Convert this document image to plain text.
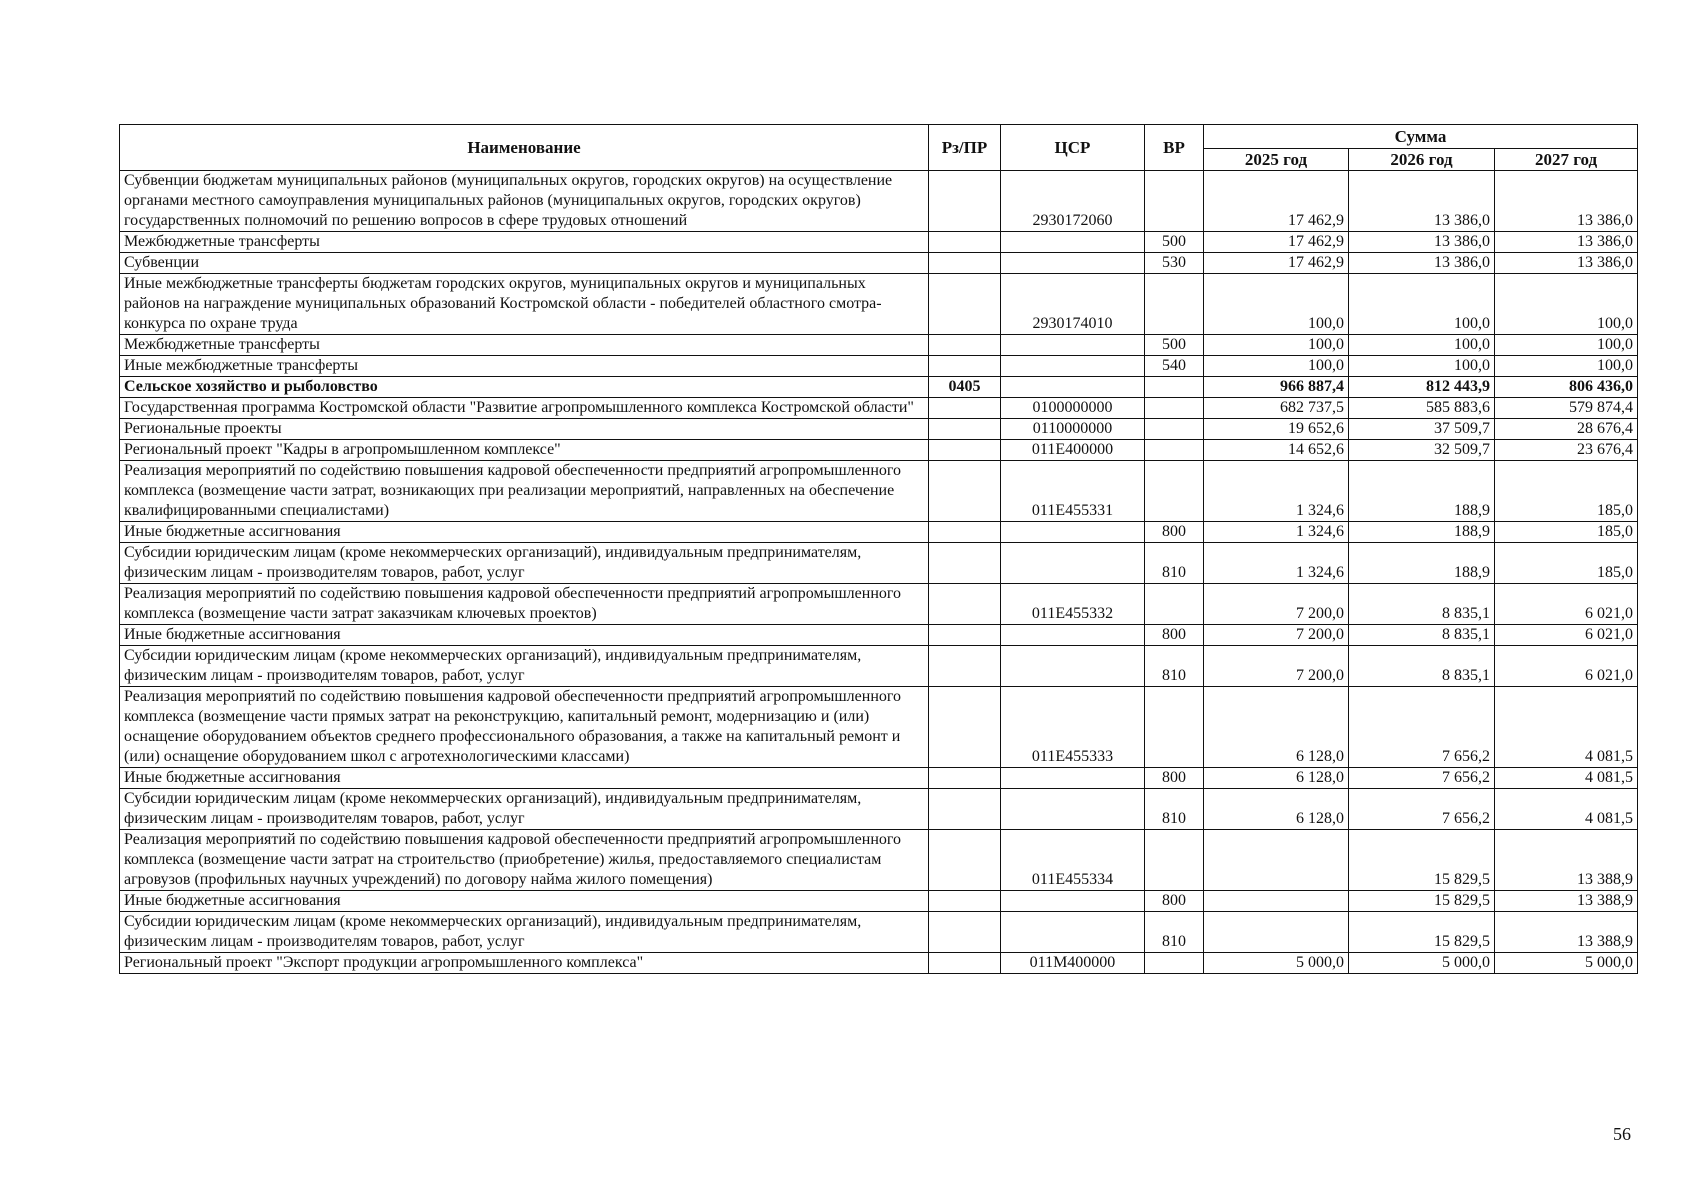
Наименование	Рз/ПР	ЦСР	ВР	Сумма		
				2025 год	2026 год	2027 год
Субвенции бюджетам муниципальных районов (муниципальных округов, городских округов) на осуществление органами местного самоуправления муниципальных районов (муниципальных округов, городских округов) государственных полномочий по решению вопросов в сфере трудовых отношений		2930172060		17 462,9	13 386,0	13 386,0
Межбюджетные трансферты			500	17 462,9	13 386,0	13 386,0
Субвенции			530	17 462,9	13 386,0	13 386,0
Иные межбюджетные трансферты бюджетам городских округов, муниципальных округов и муниципальных районов на награждение муниципальных образований Костромской области - победителей областного смотра-конкурса по охране труда		2930174010		100,0	100,0	100,0
Межбюджетные трансферты			500	100,0	100,0	100,0
Иные межбюджетные трансферты			540	100,0	100,0	100,0
Сельское хозяйство и рыболовство	0405			966 887,4	812 443,9	806 436,0
Государственная программа Костромской области "Развитие агропромышленного комплекса Костромской области"		0100000000		682 737,5	585 883,6	579 874,4
Региональные проекты		0110000000		19 652,6	37 509,7	28 676,4
Региональный проект "Кадры в агропромышленном комплексе"		011E400000		14 652,6	32 509,7	23 676,4
Реализация мероприятий по содействию повышения кадровой обеспеченности предприятий агропромышленного комплекса (возмещение части затрат, возникающих при реализации мероприятий, направленных на обеспечение квалифицированными специалистами)		011E455331		1 324,6	188,9	185,0
Иные бюджетные ассигнования			800	1 324,6	188,9	185,0
Субсидии юридическим лицам (кроме некоммерческих организаций), индивидуальным предпринимателям, физическим лицам - производителям товаров, работ, услуг			810	1 324,6	188,9	185,0
Реализация мероприятий по содействию повышения кадровой обеспеченности предприятий агропромышленного комплекса (возмещение части затрат заказчикам ключевых проектов)		011E455332		7 200,0	8 835,1	6 021,0
Иные бюджетные ассигнования			800	7 200,0	8 835,1	6 021,0
Субсидии юридическим лицам (кроме некоммерческих организаций), индивидуальным предпринимателям, физическим лицам - производителям товаров, работ, услуг			810	7 200,0	8 835,1	6 021,0
Реализация мероприятий по содействию повышения кадровой обеспеченности предприятий агропромышленного комплекса (возмещение части прямых затрат на реконструкцию, капитальный ремонт, модернизацию и (или) оснащение оборудованием объектов среднего профессионального образования, а также на капитальный ремонт и (или) оснащение оборудованием школ с агротехнологическими классами)		011E455333		6 128,0	7 656,2	4 081,5
Иные бюджетные ассигнования			800	6 128,0	7 656,2	4 081,5
Субсидии юридическим лицам (кроме некоммерческих организаций), индивидуальным предпринимателям, физическим лицам - производителям товаров, работ, услуг			810	6 128,0	7 656,2	4 081,5
Реализация мероприятий по содействию повышения кадровой обеспеченности предприятий агропромышленного комплекса (возмещение части затрат на строительство (приобретение) жилья, предоставляемого специалистам агровузов (профильных научных учреждений) по договору найма жилого помещения)		011E455334			15 829,5	13 388,9
Иные бюджетные ассигнования			800		15 829,5	13 388,9
Субсидии юридическим лицам (кроме некоммерческих организаций), индивидуальным предпринимателям, физическим лицам - производителям товаров, работ, услуг			810		15 829,5	13 388,9
Региональный проект "Экспорт продукции агропромышленного комплекса"		011М400000		5 000,0	5 000,0	5 000,0
56
